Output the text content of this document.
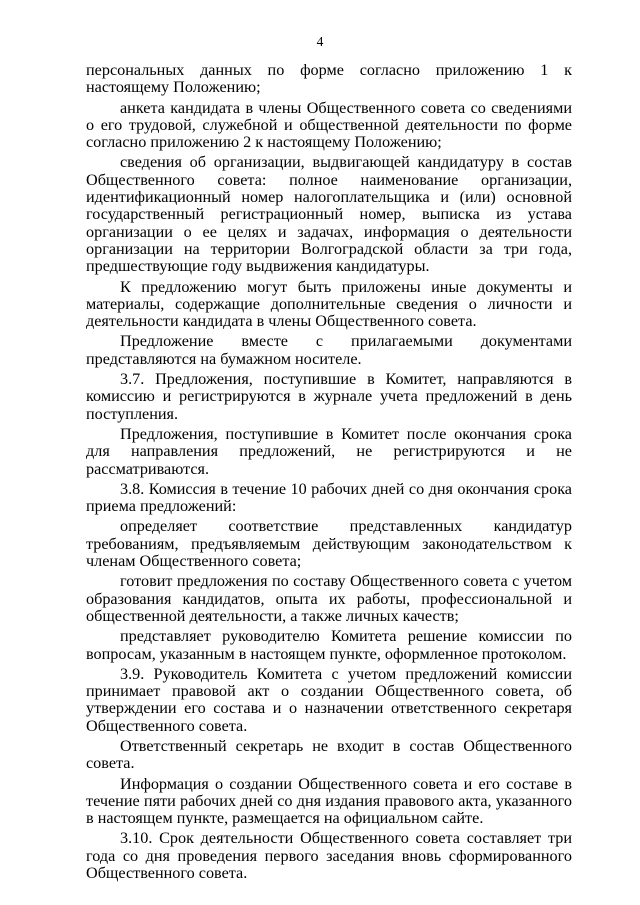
4

персональных данных по форме согласно приложению 1 к настоящему Положению;

анкета кандидата в члены Общественного совета со сведениями о его трудовой, служебной и общественной деятельности по форме согласно приложению 2 к настоящему Положению;

сведения об организации, выдвигающей кандидатуру в состав Общественного совета: полное наименование организации, идентификационный номер налогоплательщика и (или) основной государственный регистрационный номер, выписка из устава организации о ее целях и задачах, информация о деятельности организации на территории Волгоградской области за три года, предшествующие году выдвижения кандидатуры.

К предложению могут быть приложены иные документы и материалы, содержащие дополнительные сведения о личности и деятельности кандидата в члены Общественного совета.

Предложение вместе с прилагаемыми документами представляются на бумажном носителе.

3.7. Предложения, поступившие в Комитет, направляются в комиссию и регистрируются в журнале учета предложений в день поступления.

Предложения, поступившие в Комитет после окончания срока для направления предложений, не регистрируются и не рассматриваются.

3.8. Комиссия в течение 10 рабочих дней со дня окончания срока приема предложений:

определяет соответствие представленных кандидатур требованиям, предъявляемым действующим законодательством к членам Общественного совета;

готовит предложения по составу Общественного совета с учетом образования кандидатов, опыта их работы, профессиональной и общественной деятельности, а также личных качеств;

представляет руководителю Комитета решение комиссии по вопросам, указанным в настоящем пункте, оформленное протоколом.

3.9. Руководитель Комитета с учетом предложений комиссии принимает правовой акт о создании Общественного совета, об утверждении его состава и о назначении ответственного секретаря Общественного совета.

Ответственный секретарь не входит в состав Общественного совета.

Информация о создании Общественного совета и его составе в течение пяти рабочих дней со дня издания правового акта, указанного в настоящем пункте, размещается на официальном сайте.

3.10. Срок деятельности Общественного совета составляет три года со дня проведения первого заседания вновь сформированного Общественного совета.
